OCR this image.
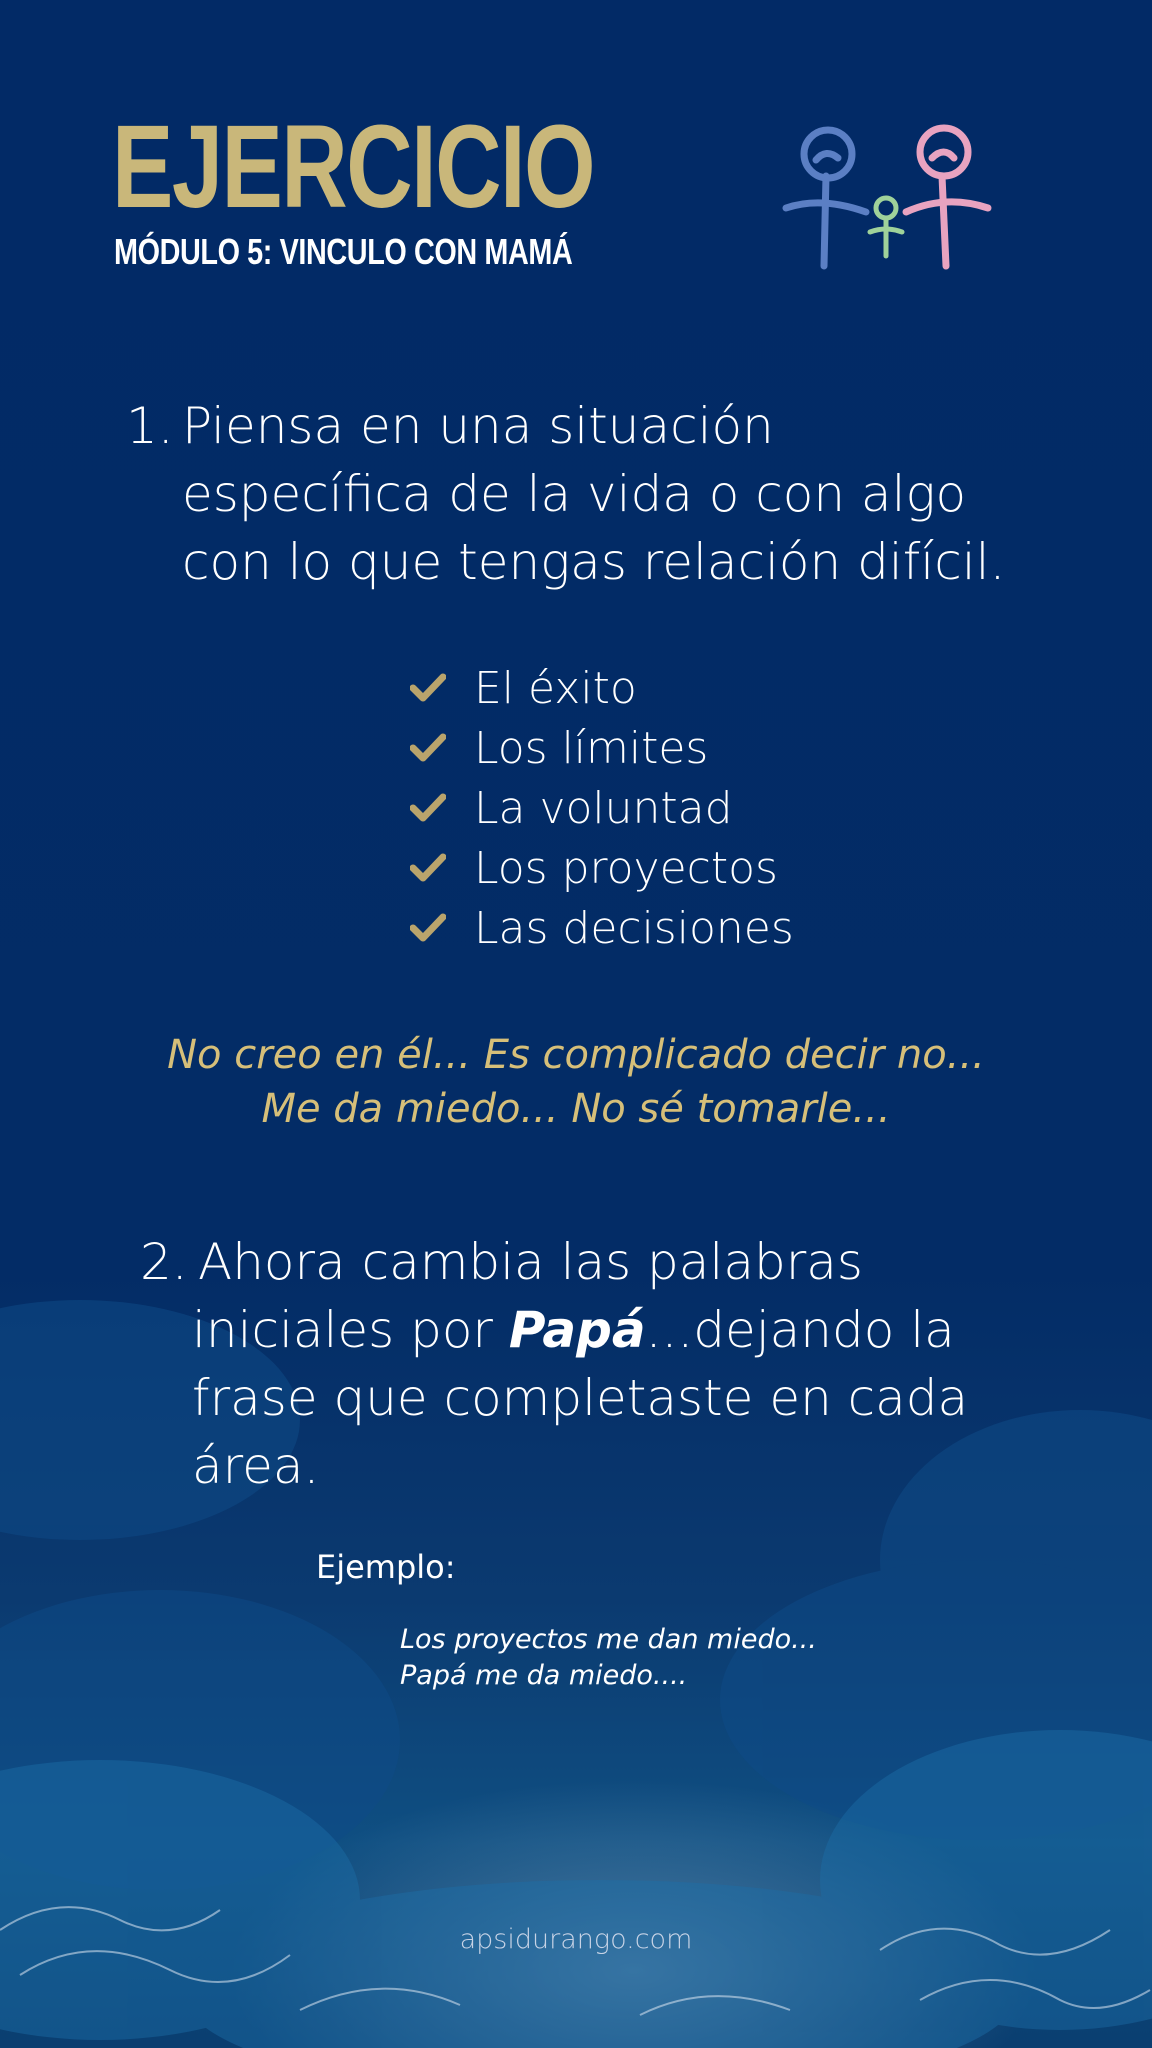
EJERCICIO
MÓDULO 5: VINCULO CON MAMÁ
1. Piensa en una situación
específica de la vida o con algo
con lo que tengas relación difícil.
El éxito
Los límites
La voluntad
Los proyectos
Las decisiones
No creo en él... Es complicado decir no...
Me da miedo... No sé tomarle...
2. Ahora cambia las palabras
iniciales por Papá...dejando la
frase que completaste en cada
área.
Ejemplo:
Los proyectos me dan miedo...
Papá me da miedo....
apsidurango.com
